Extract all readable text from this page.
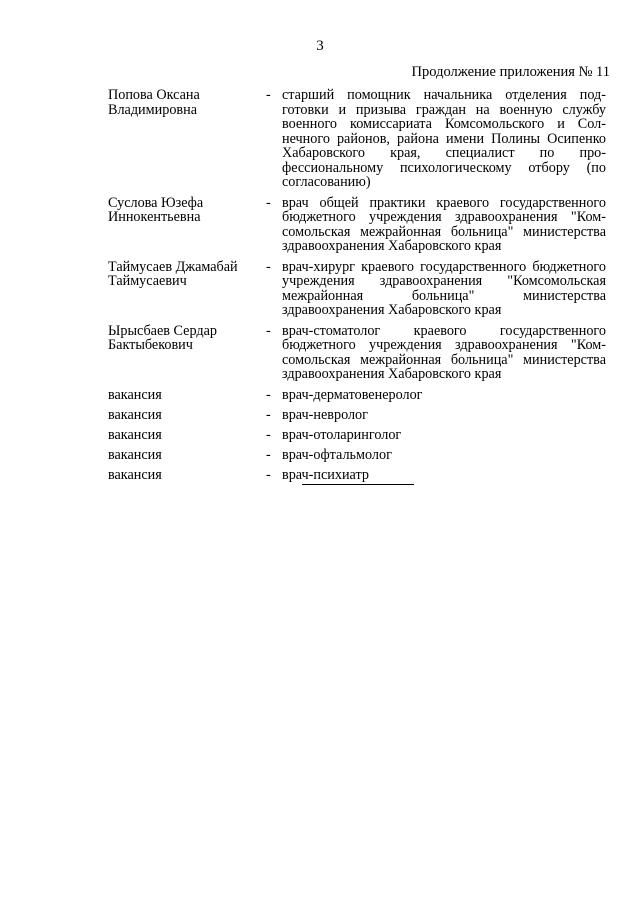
3
Продолжение приложения № 11
Попова Оксана
Владимировна
- старший помощник начальника отделения подготовки и призыва граждан на военную службу военного комиссариата Комсомольского и Солнечного районов, района имени Полины Осипенко Хабаровского края, специалист по профессиональному психологическому отбору (по согласованию)
Суслова Юзефа
Иннокентьевна
- врач общей практики краевого государственного бюджетного учреждения здравоохранения "Комсомольская межрайонная больница" министерства здравоохранения Хабаровского края
Таймусаев Джамабай
Таймусаевич
- врач-хирург краевого государственного бюджетного учреждения здравоохранения "Комсомольская межрайонная больница" министерства здравоохранения Хабаровского края
Ырысбаев Сердар
Бактыбекович
- врач-стоматолог краевого государственного бюджетного учреждения здравоохранения "Комсомольская межрайонная больница" министерства здравоохранения Хабаровского края
вакансия	- врач-дерматовенеролог
вакансия	- врач-невролог
вакансия	- врач-отоларинголог
вакансия	- врач-офтальмолог
вакансия	- врач-психиатр
